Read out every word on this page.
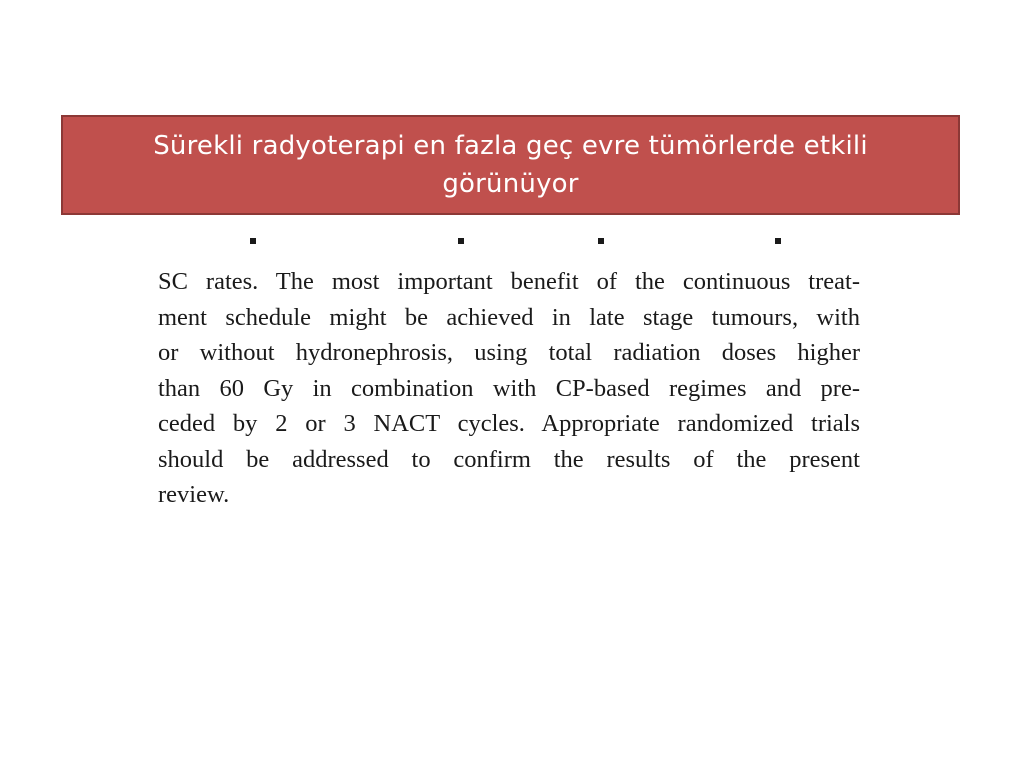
Sürekli radyoterapi en fazla geç evre tümörlerde etkili görünüyor

SC rates. The most important benefit of the continuous treat-
ment schedule might be achieved in late stage tumours, with
or without hydronephrosis, using total radiation doses higher
than 60 Gy in combination with CP-based regimes and pre-
ceded by 2 or 3 NACT cycles. Appropriate randomized trials
should be addressed to confirm the results of the present
review.
